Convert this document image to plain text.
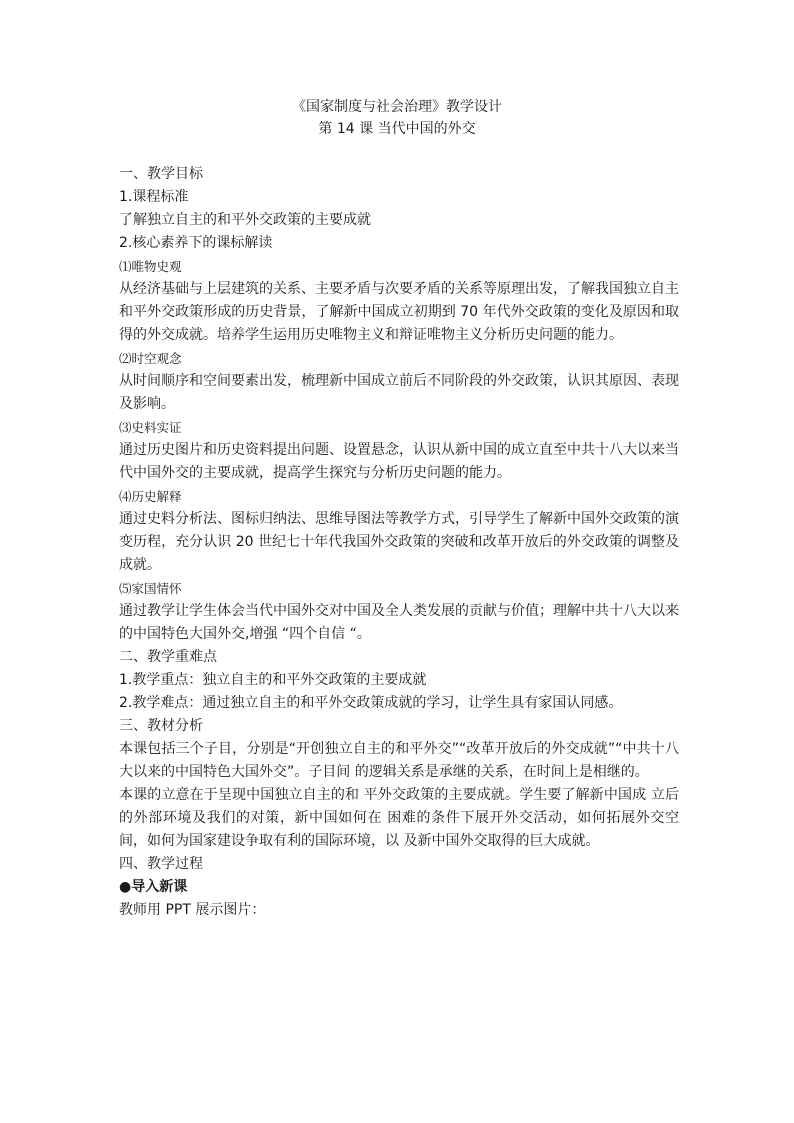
《国家制度与社会治理》教学设计
第 14 课 当代中国的外交
一、教学目标
1.课程标准
了解独立自主的和平外交政策的主要成就
2.核心素养下的课标解读
⑴唯物史观
从经济基础与上层建筑的关系、主要矛盾与次要矛盾的关系等原理出发，了解我国独立自主和平外交政策形成的历史背景，了解新中国成立初期到 70 年代外交政策的变化及原因和取得的外交成就。培养学生运用历史唯物主义和辩证唯物主义分析历史问题的能力。
⑵时空观念
从时间顺序和空间要素出发，梳理新中国成立前后不同阶段的外交政策，认识其原因、表现及影响。
⑶史料实证
通过历史图片和历史资料提出问题、设置悬念，认识从新中国的成立直至中共十八大以来当代中国外交的主要成就，提高学生探究与分析历史问题的能力。
⑷历史解释
通过史料分析法、图标归纳法、思维导图法等教学方式，引导学生了解新中国外交政策的演变历程，充分认识 20 世纪七十年代我国外交政策的突破和改革开放后的外交政策的调整及成就。
⑸家国情怀
通过教学让学生体会当代中国外交对中国及全人类发展的贡献与价值；理解中共十八大以来的中国特色大国外交,增强 “四个自信 “。
二、教学重难点
1.教学重点：独立自主的和平外交政策的主要成就
2.教学难点：通过独立自主的和平外交政策成就的学习，让学生具有家国认同感。
三、教材分析
本课包括三个子目，分别是“开创独立自主的和平外交”“改革开放后的外交成就”“中共十八大以来的中国特色大国外交”。子目间 的逻辑关系是承继的关系，在时间上是相继的。
本课的立意在于呈现中国独立自主的和 平外交政策的主要成就。学生要了解新中国成 立后的外部环境及我们的对策，新中国如何在 困难的条件下展开外交活动，如何拓展外交空间，如何为国家建设争取有利的国际环境，以 及新中国外交取得的巨大成就。
四、教学过程
●导入新课
教师用 PPT 展示图片：
